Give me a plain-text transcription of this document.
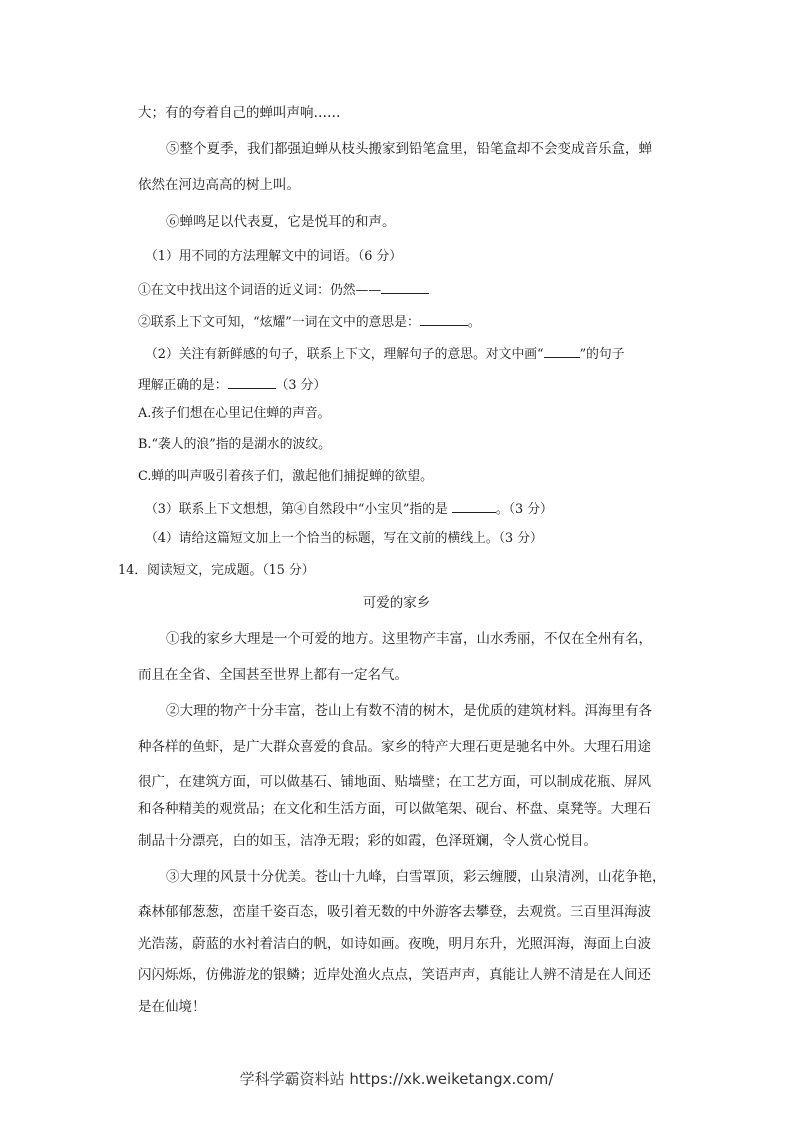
大；有的夸着自己的蝉叫声响……
⑤整个夏季，我们都强迫蝉从枝头搬家到铅笔盒里，铅笔盒却不会变成音乐盒，蝉
依然在河边高高的树上叫。
⑥蝉鸣足以代表夏，它是悦耳的和声。
（1）用不同的方法理解文中的词语。（6 分）
①在文中找出这个词语的近义词：仍然——
②联系上下文可知，“炫耀”一词在文中的意思是：	。
（2）关注有新鲜感的句子，联系上下文，理解句子的意思。对文中画“	”的句子
理解正确的是：	（3 分）
A.孩子们想在心里记住蝉的声音。
B.“袭人的浪”指的是湖水的波纹。
C.蝉的叫声吸引着孩子们，激起他们捕捉蝉的欲望。
（3）联系上下文想想，第④自然段中“小宝贝”指的是	。（3 分）
（4）请给这篇短文加上一个恰当的标题，写在文前的横线上。（3 分）
14．阅读短文，完成题。（15 分）
可爱的家乡
①我的家乡大理是一个可爱的地方。这里物产丰富，山水秀丽，不仅在全州有名，
而且在全省、全国甚至世界上都有一定名气。
②大理的物产十分丰富，苍山上有数不清的树木，是优质的建筑材料。洱海里有各
种各样的鱼虾，是广大群众喜爱的食品。家乡的特产大理石更是驰名中外。大理石用途
很广，在建筑方面，可以做基石、铺地面、贴墙壁；在工艺方面，可以制成花瓶、屏风
和各种精美的观赏品；在文化和生活方面，可以做笔架、砚台、杯盘、桌凳等。大理石
制品十分漂亮，白的如玉，洁净无瑕；彩的如霞，色泽斑斓，令人赏心悦目。
③大理的风景十分优美。苍山十九峰，白雪罩顶，彩云缠腰，山泉清冽，山花争艳，
森林郁郁葱葱，峦崖千姿百态，吸引着无数的中外游客去攀登，去观赏。三百里洱海波
光浩荡，蔚蓝的水衬着洁白的帆，如诗如画。夜晚，明月东升，光照洱海，海面上白波
闪闪烁烁，仿佛游龙的银鳞；近岸处渔火点点，笑语声声，真能让人辨不清是在人间还
是在仙境！
学科学霸资料站 https://xk.weiketangx.com/
